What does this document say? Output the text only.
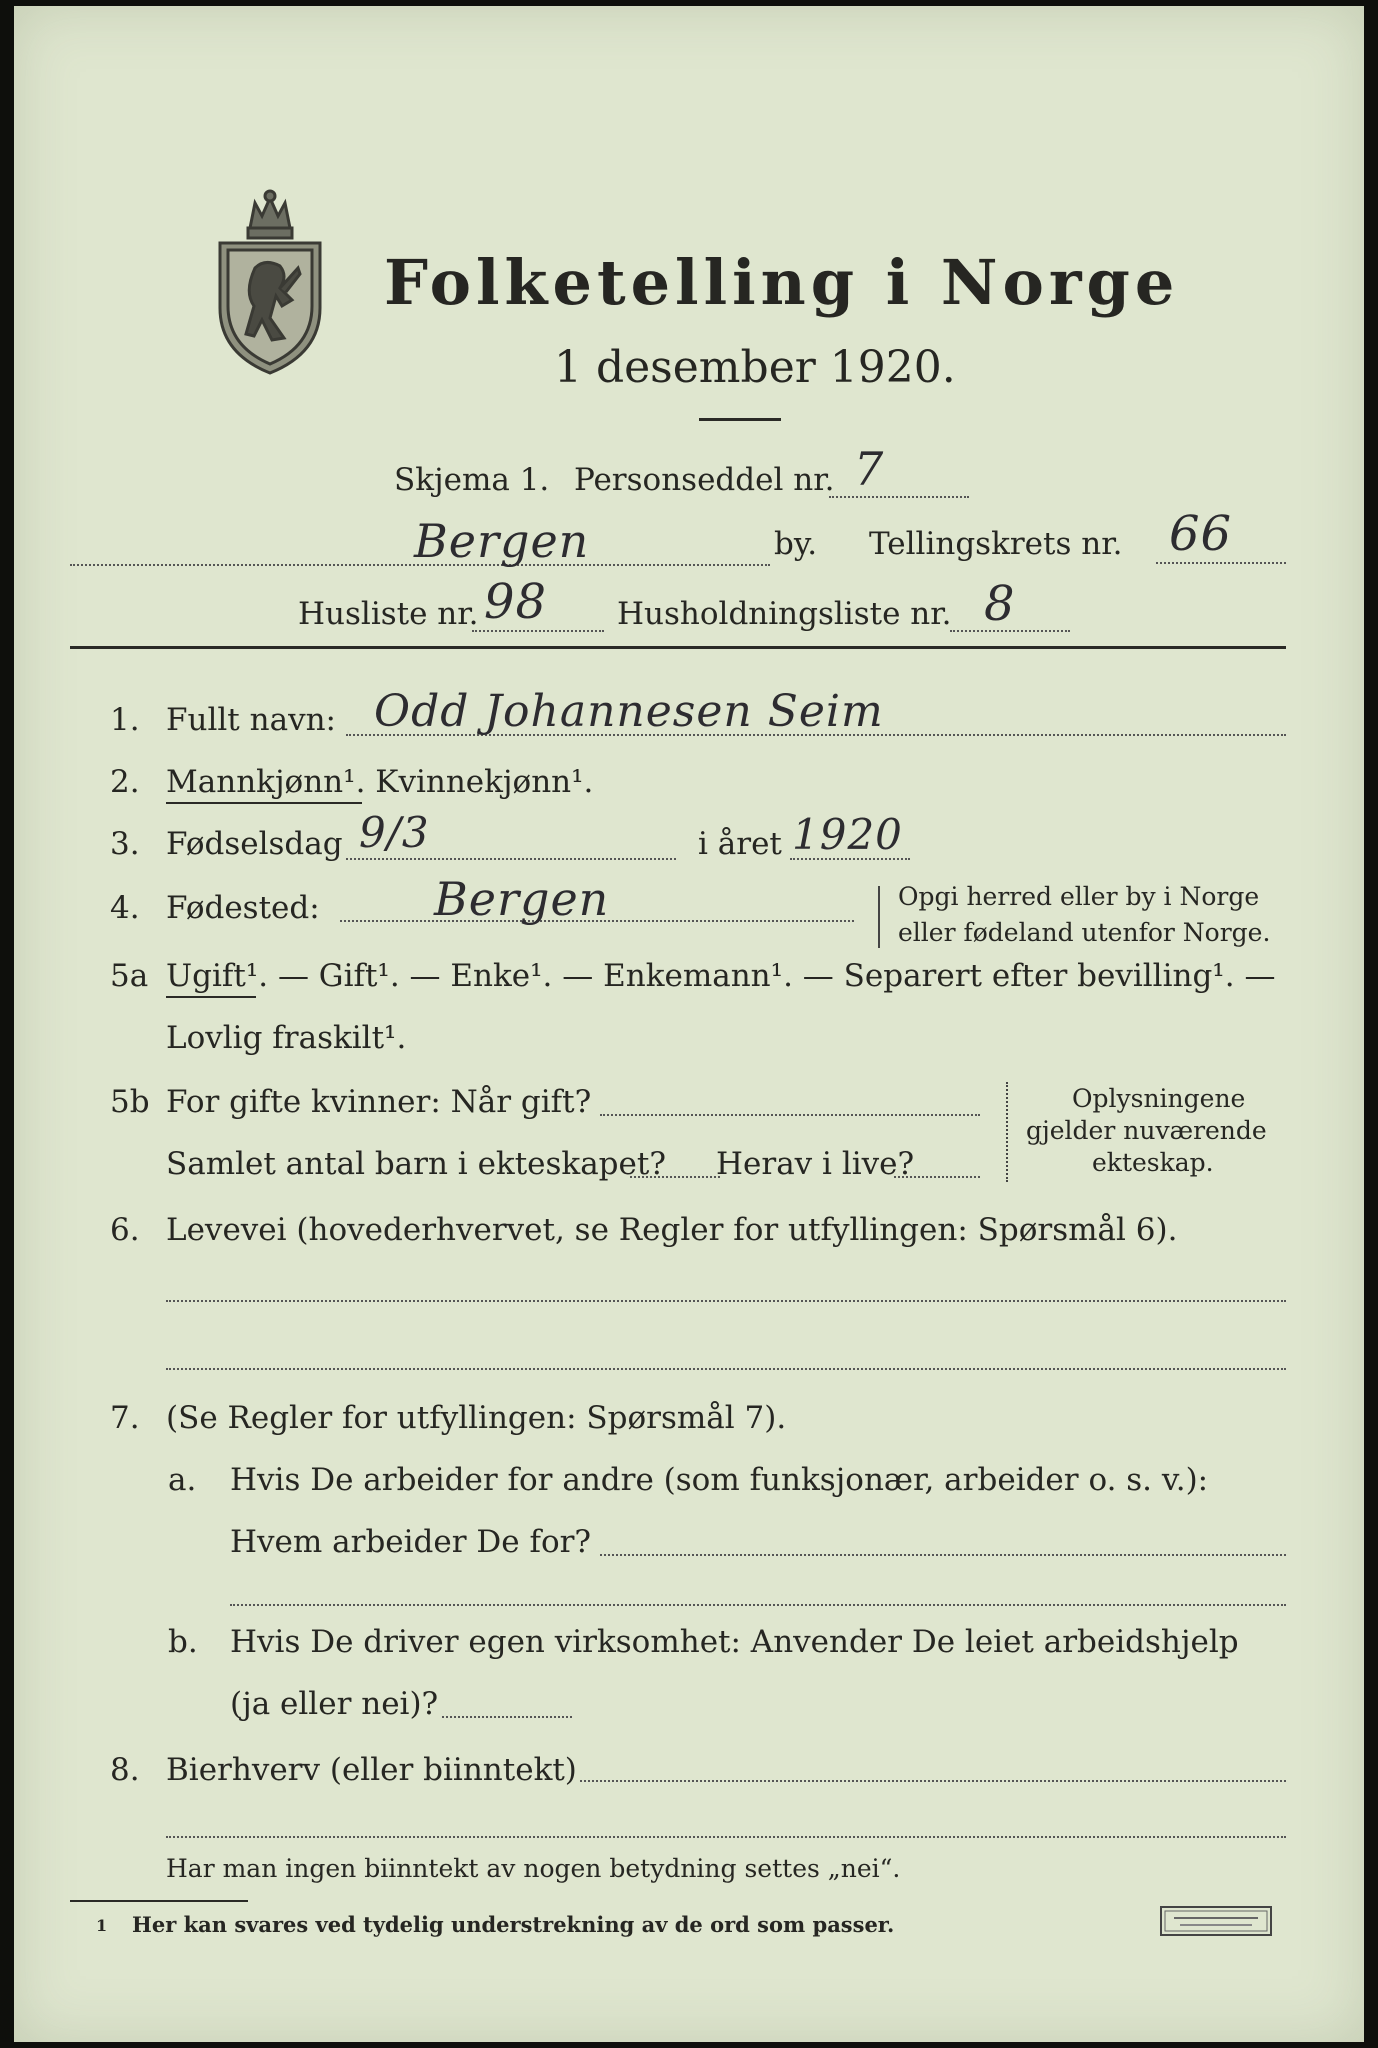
Folketelling i Norge
1 desember 1920.
Skjema 1. Personseddel nr. 7
Bergen	by. Tellingskrets nr. 66
Husliste nr. 98 Husholdningsliste nr. 8
1. Fullt navn: Odd Johannesen Seim
2. Mannkjønn¹. Kvinnekjønn¹.
3. Fødselsdag 9/3	i året 1920
4. Fødested: Bergen	Opgi herred eller by i Norge
eller fødeland utenfor Norge.
5a Ugift¹. — Gift¹. — Enke¹. — Enkemann¹. — Separert efter bevilling¹. —
Lovlig fraskilt¹.
5b For gifte kvinner: Når gift?
Samlet antal barn i ekteskapet? Herav i live?
Oplysningene
gjelder nuværende
ekteskap.
6. Levevei (hovederhvervet, se Regler for utfyllingen: Spørsmål 6).
7. (Se Regler for utfyllingen: Spørsmål 7).
a. Hvis De arbeider for andre (som funksjonær, arbeider o. s. v.):
Hvem arbeider De for?
b. Hvis De driver egen virksomhet: Anvender De leiet arbeidshjelp
(ja eller nei)?
8. Bierhverv (eller biinntekt)
Har man ingen biinntekt av nogen betydning settes „nei“.
1 Her kan svares ved tydelig understrekning av de ord som passer.
